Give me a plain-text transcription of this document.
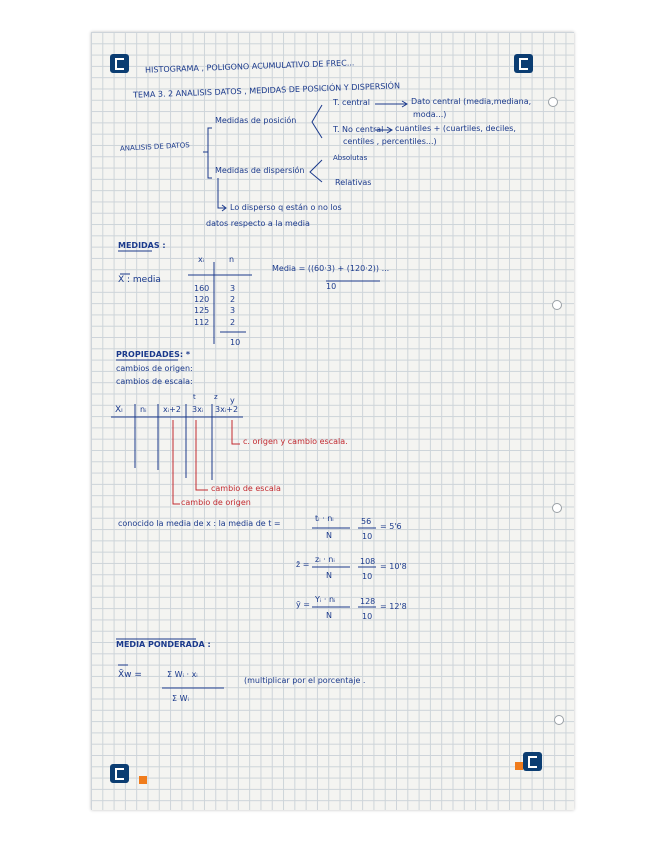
HISTOGRAMA , POLIGONO ACUMULATIVO DE FREC...
TEMA 3. 2 ANALISIS DATOS , MEDIDAS DE POSICIÓN Y DISPERSIÓN
ANALISIS DE DATOS
Medidas de posición
T. central	Dato central (media,mediana,
moda...)
T. No central cuantiles + (cuartiles, deciles,
centiles , percentiles...)
Medidas de dispersión
Absolutas
Relativas
Lo disperso q están o no los
datos respecto a la media
MEDIDAS :
X : media
xᵢ	n
160	3
120	2
125	3
112	2
10
Media = ((60·3) + (120·2)) ...
10
PROPIEDADES: *
cambios de origen:
cambios de escala:
t	z y
Xᵢ nᵢ xᵢ+2 3xᵢ 3xᵢ+2
c. origen y cambio escala.
cambio de escala
cambio de origen
conocido la media de x : la media de t =
tᵢ · nᵢ
N
56
10
= 5'6
z̄ =
zᵢ · nᵢ
N
108
10
= 10'8
ȳ =
Yᵢ · nᵢ
N
128
10
= 12'8
MEDIA PONDERADA :
X̄w =	Σ Wᵢ · xᵢ
Σ Wᵢ
(multiplicar por el porcentaje .
